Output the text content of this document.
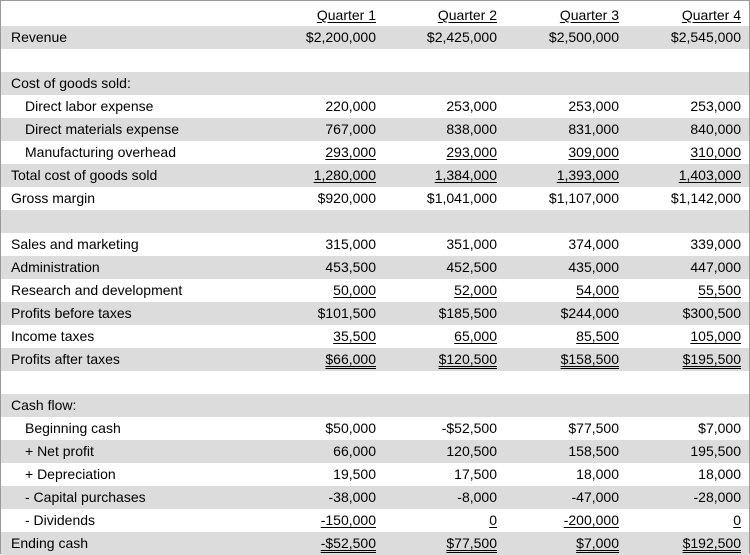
Quarter 1	Quarter 2	Quarter 3	Quarter 4
Revenue	$2,200,000	$2,425,000	$2,500,000	$2,545,000
Cost of goods sold:
Direct labor expense	220,000	253,000	253,000	253,000
Direct materials expense	767,000	838,000	831,000	840,000
Manufacturing overhead	293,000	293,000	309,000	310,000
Total cost of goods sold	1,280,000	1,384,000	1,393,000	1,403,000
Gross margin	$920,000	$1,041,000	$1,107,000	$1,142,000
Sales and marketing	315,000	351,000	374,000	339,000
Administration	453,500	452,500	435,000	447,000
Research and development	50,000	52,000	54,000	55,500
Profits before taxes	$101,500	$185,500	$244,000	$300,500
Income taxes	35,500	65,000	85,500	105,000
Profits after taxes	$66,000	$120,500	$158,500	$195,500
Cash flow:
Beginning cash	$50,000	-$52,500	$77,500	$7,000
+ Net profit	66,000	120,500	158,500	195,500
+ Depreciation	19,500	17,500	18,000	18,000
- Capital purchases	-38,000	-8,000	-47,000	-28,000
- Dividends	-150,000	0	-200,000	0
Ending cash	-$52,500	$77,500	$7,000	$192,500
